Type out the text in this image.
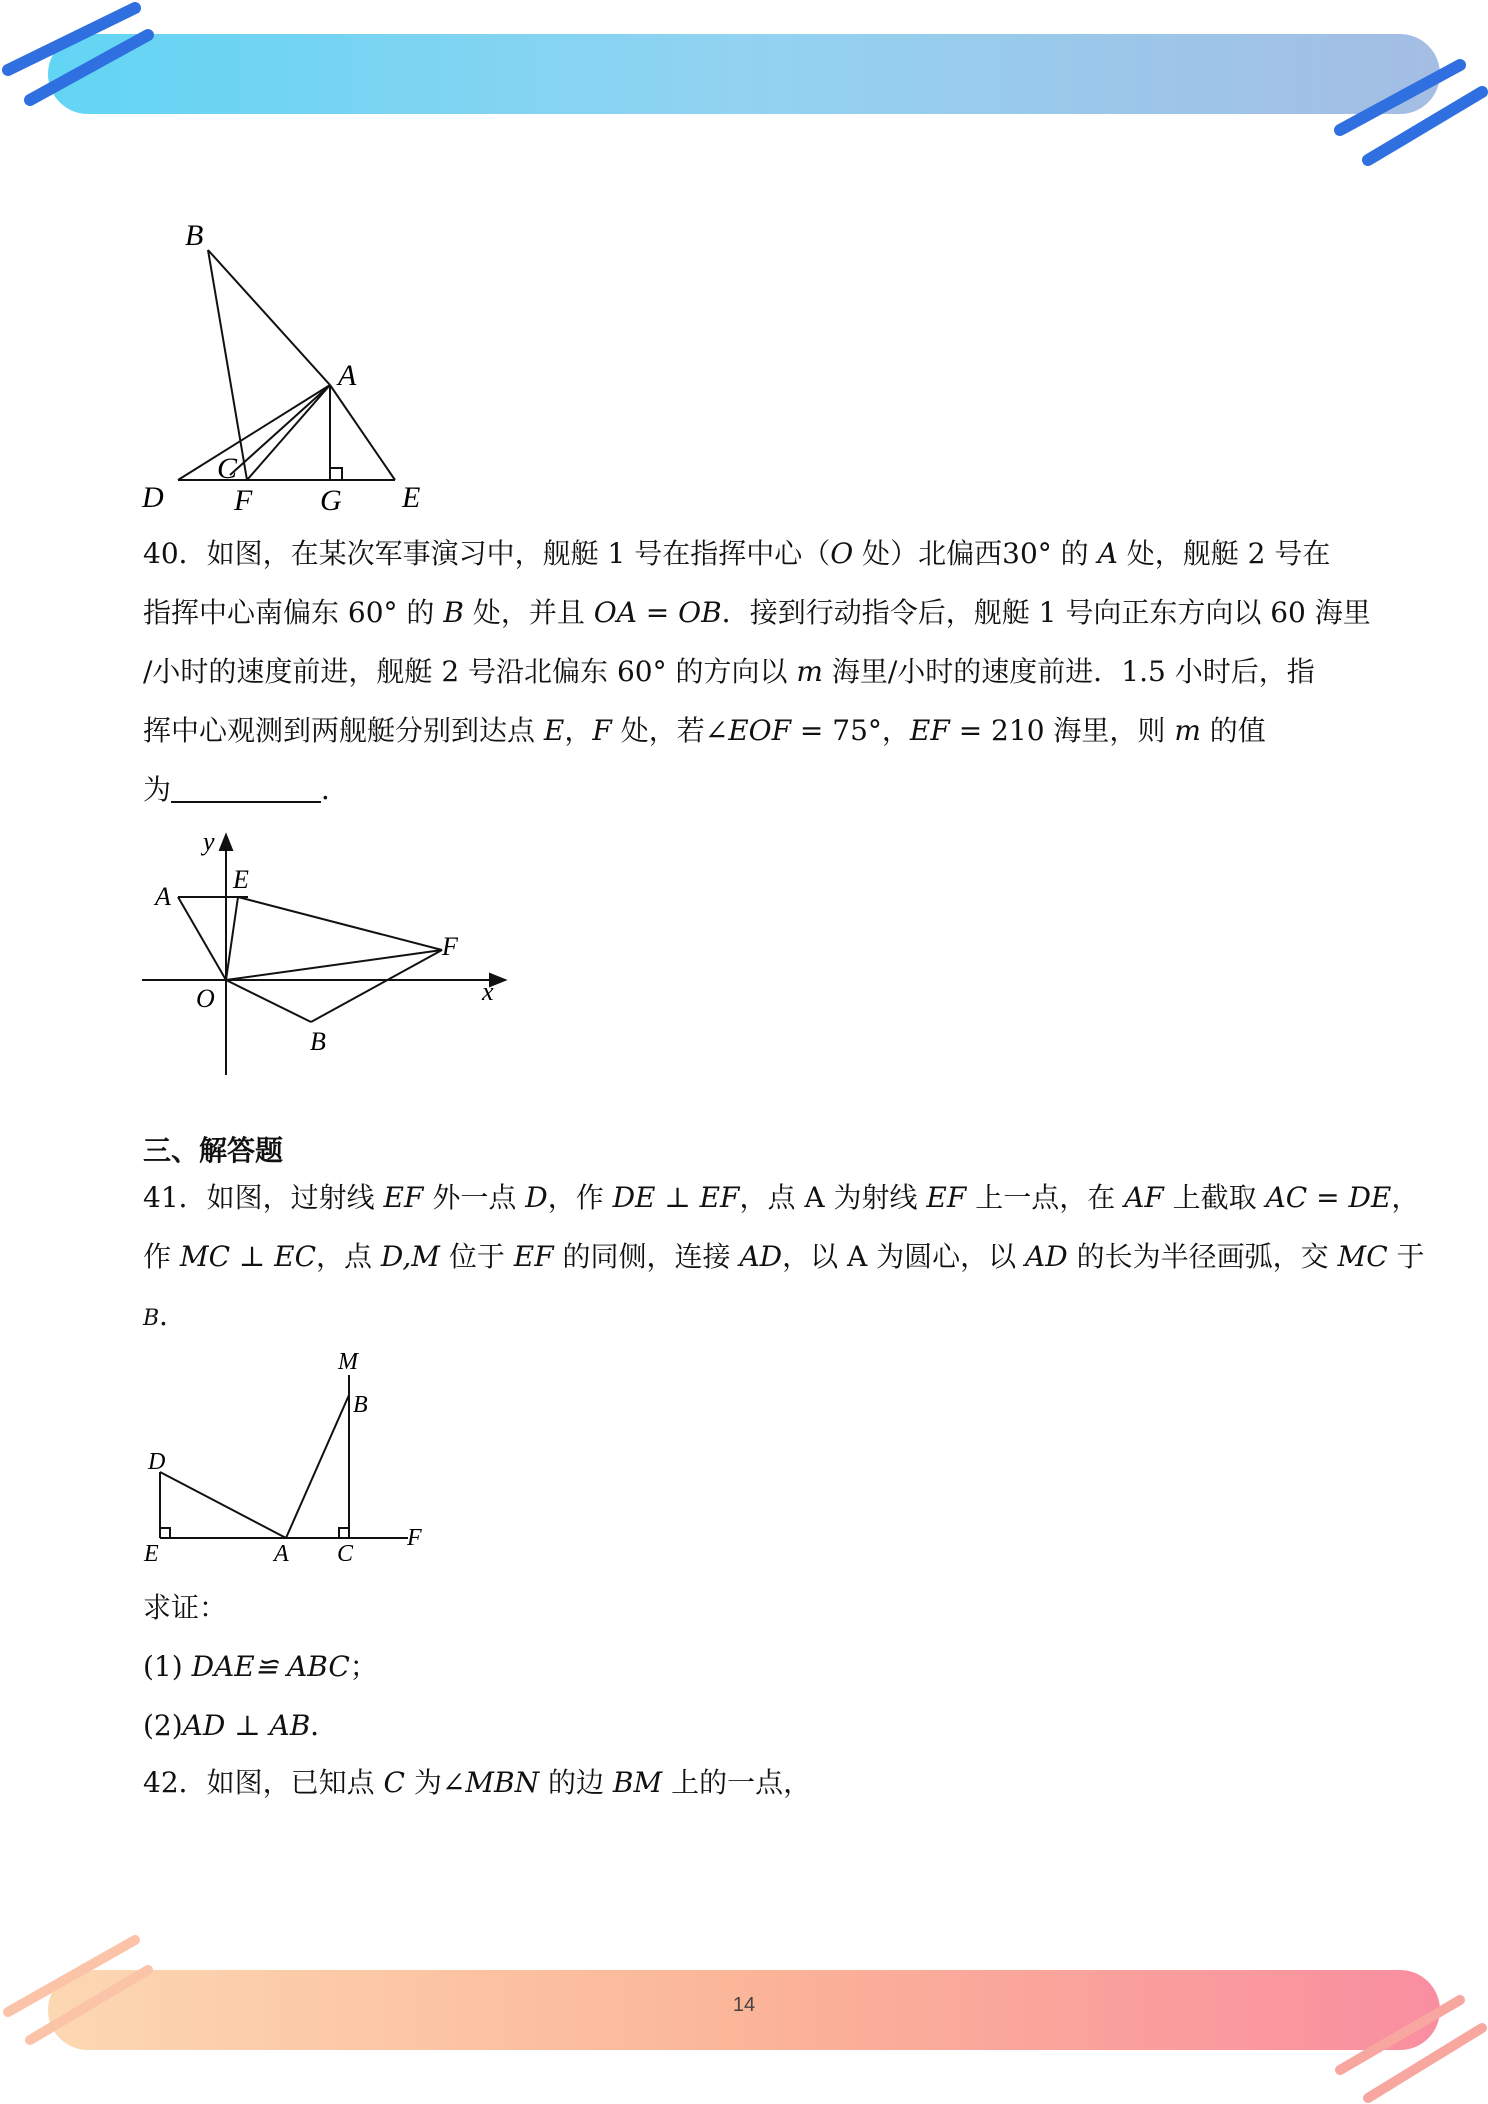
14
B
A
C
D F G E
40．如图，在某次军事演习中，舰艇 1 号在指挥中心（O 处）北偏西30° 的 A 处，舰艇 2 号在
指挥中心南偏东 60° 的 B 处，并且 OA = OB．接到行动指令后，舰艇 1 号向正东方向以 60 海里
/小时的速度前进，舰艇 2 号沿北偏东 60° 的方向以 m 海里/小时的速度前进．1.5 小时后，指
挥中心观测到两舰艇分别到达点 E，F 处，若∠EOF = 75°，EF = 210 海里，则 m 的值
为	．
y
A
E
F
O	x
B
三、解答题
41．如图，过射线 EF 外一点 D，作 DE ⊥ EF，点 A 为射线 EF 上一点，在 AF 上截取 AC = DE，
作 MC ⊥ EC，点 D,M 位于 EF 的同侧，连接 AD，以 A 为圆心，以 AD 的长为半径画弧，交 MC 于
B．
M
B
D
E	A C
F
求证：
(1) DAE≌ ABC；
(2)AD ⊥ AB．
42．如图，已知点 C 为∠MBN 的边 BM 上的一点，
